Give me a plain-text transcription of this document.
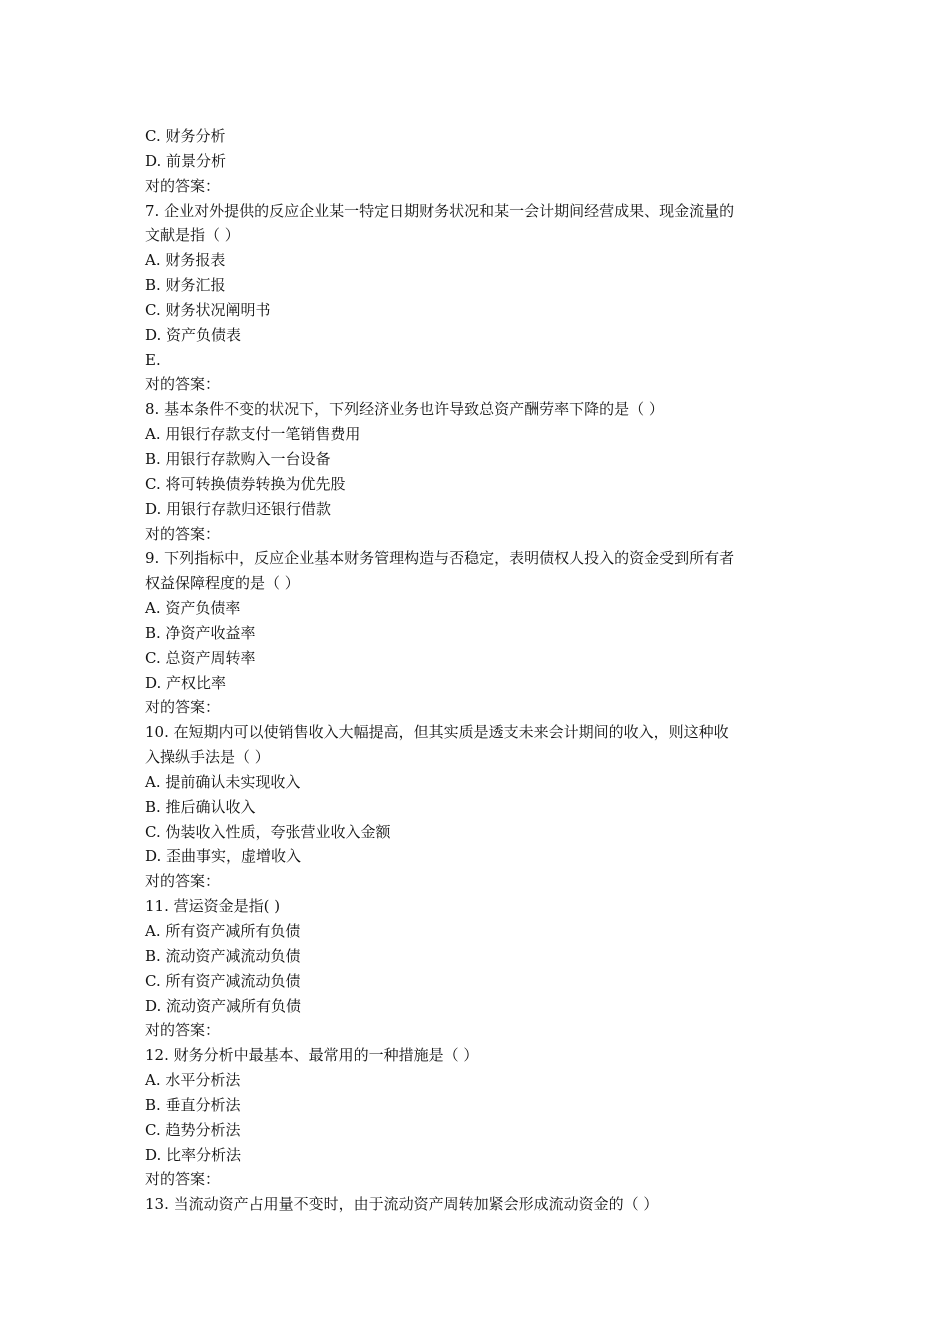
C. 财务分析
D. 前景分析
对的答案：
7. 企业对外提供的反应企业某一特定日期财务状况和某一会计期间经营成果、现金流量的
文献是指（ ）
A. 财务报表
B. 财务汇报
C. 财务状况阐明书
D. 资产负债表
E.
对的答案：
8. 基本条件不变的状况下，下列经济业务也许导致总资产酬劳率下降的是（ ）
A. 用银行存款支付一笔销售费用
B. 用银行存款购入一台设备
C. 将可转换债券转换为优先股
D. 用银行存款归还银行借款
对的答案：
9. 下列指标中，反应企业基本财务管理构造与否稳定，表明债权人投入的资金受到所有者
权益保障程度的是（ ）
A. 资产负债率
B. 净资产收益率
C. 总资产周转率
D. 产权比率
对的答案：
10. 在短期内可以使销售收入大幅提高，但其实质是透支未来会计期间的收入，则这种收
入操纵手法是（ ）
A. 提前确认未实现收入
B. 推后确认收入
C. 伪装收入性质，夸张营业收入金额
D. 歪曲事实，虚增收入
对的答案：
11. 营运资金是指( )
A. 所有资产减所有负债
B. 流动资产减流动负债
C. 所有资产减流动负债
D. 流动资产减所有负债
对的答案：
12. 财务分析中最基本、最常用的一种措施是（ ）
A. 水平分析法
B. 垂直分析法
C. 趋势分析法
D. 比率分析法
对的答案：
13. 当流动资产占用量不变时，由于流动资产周转加紧会形成流动资金的（ ）
